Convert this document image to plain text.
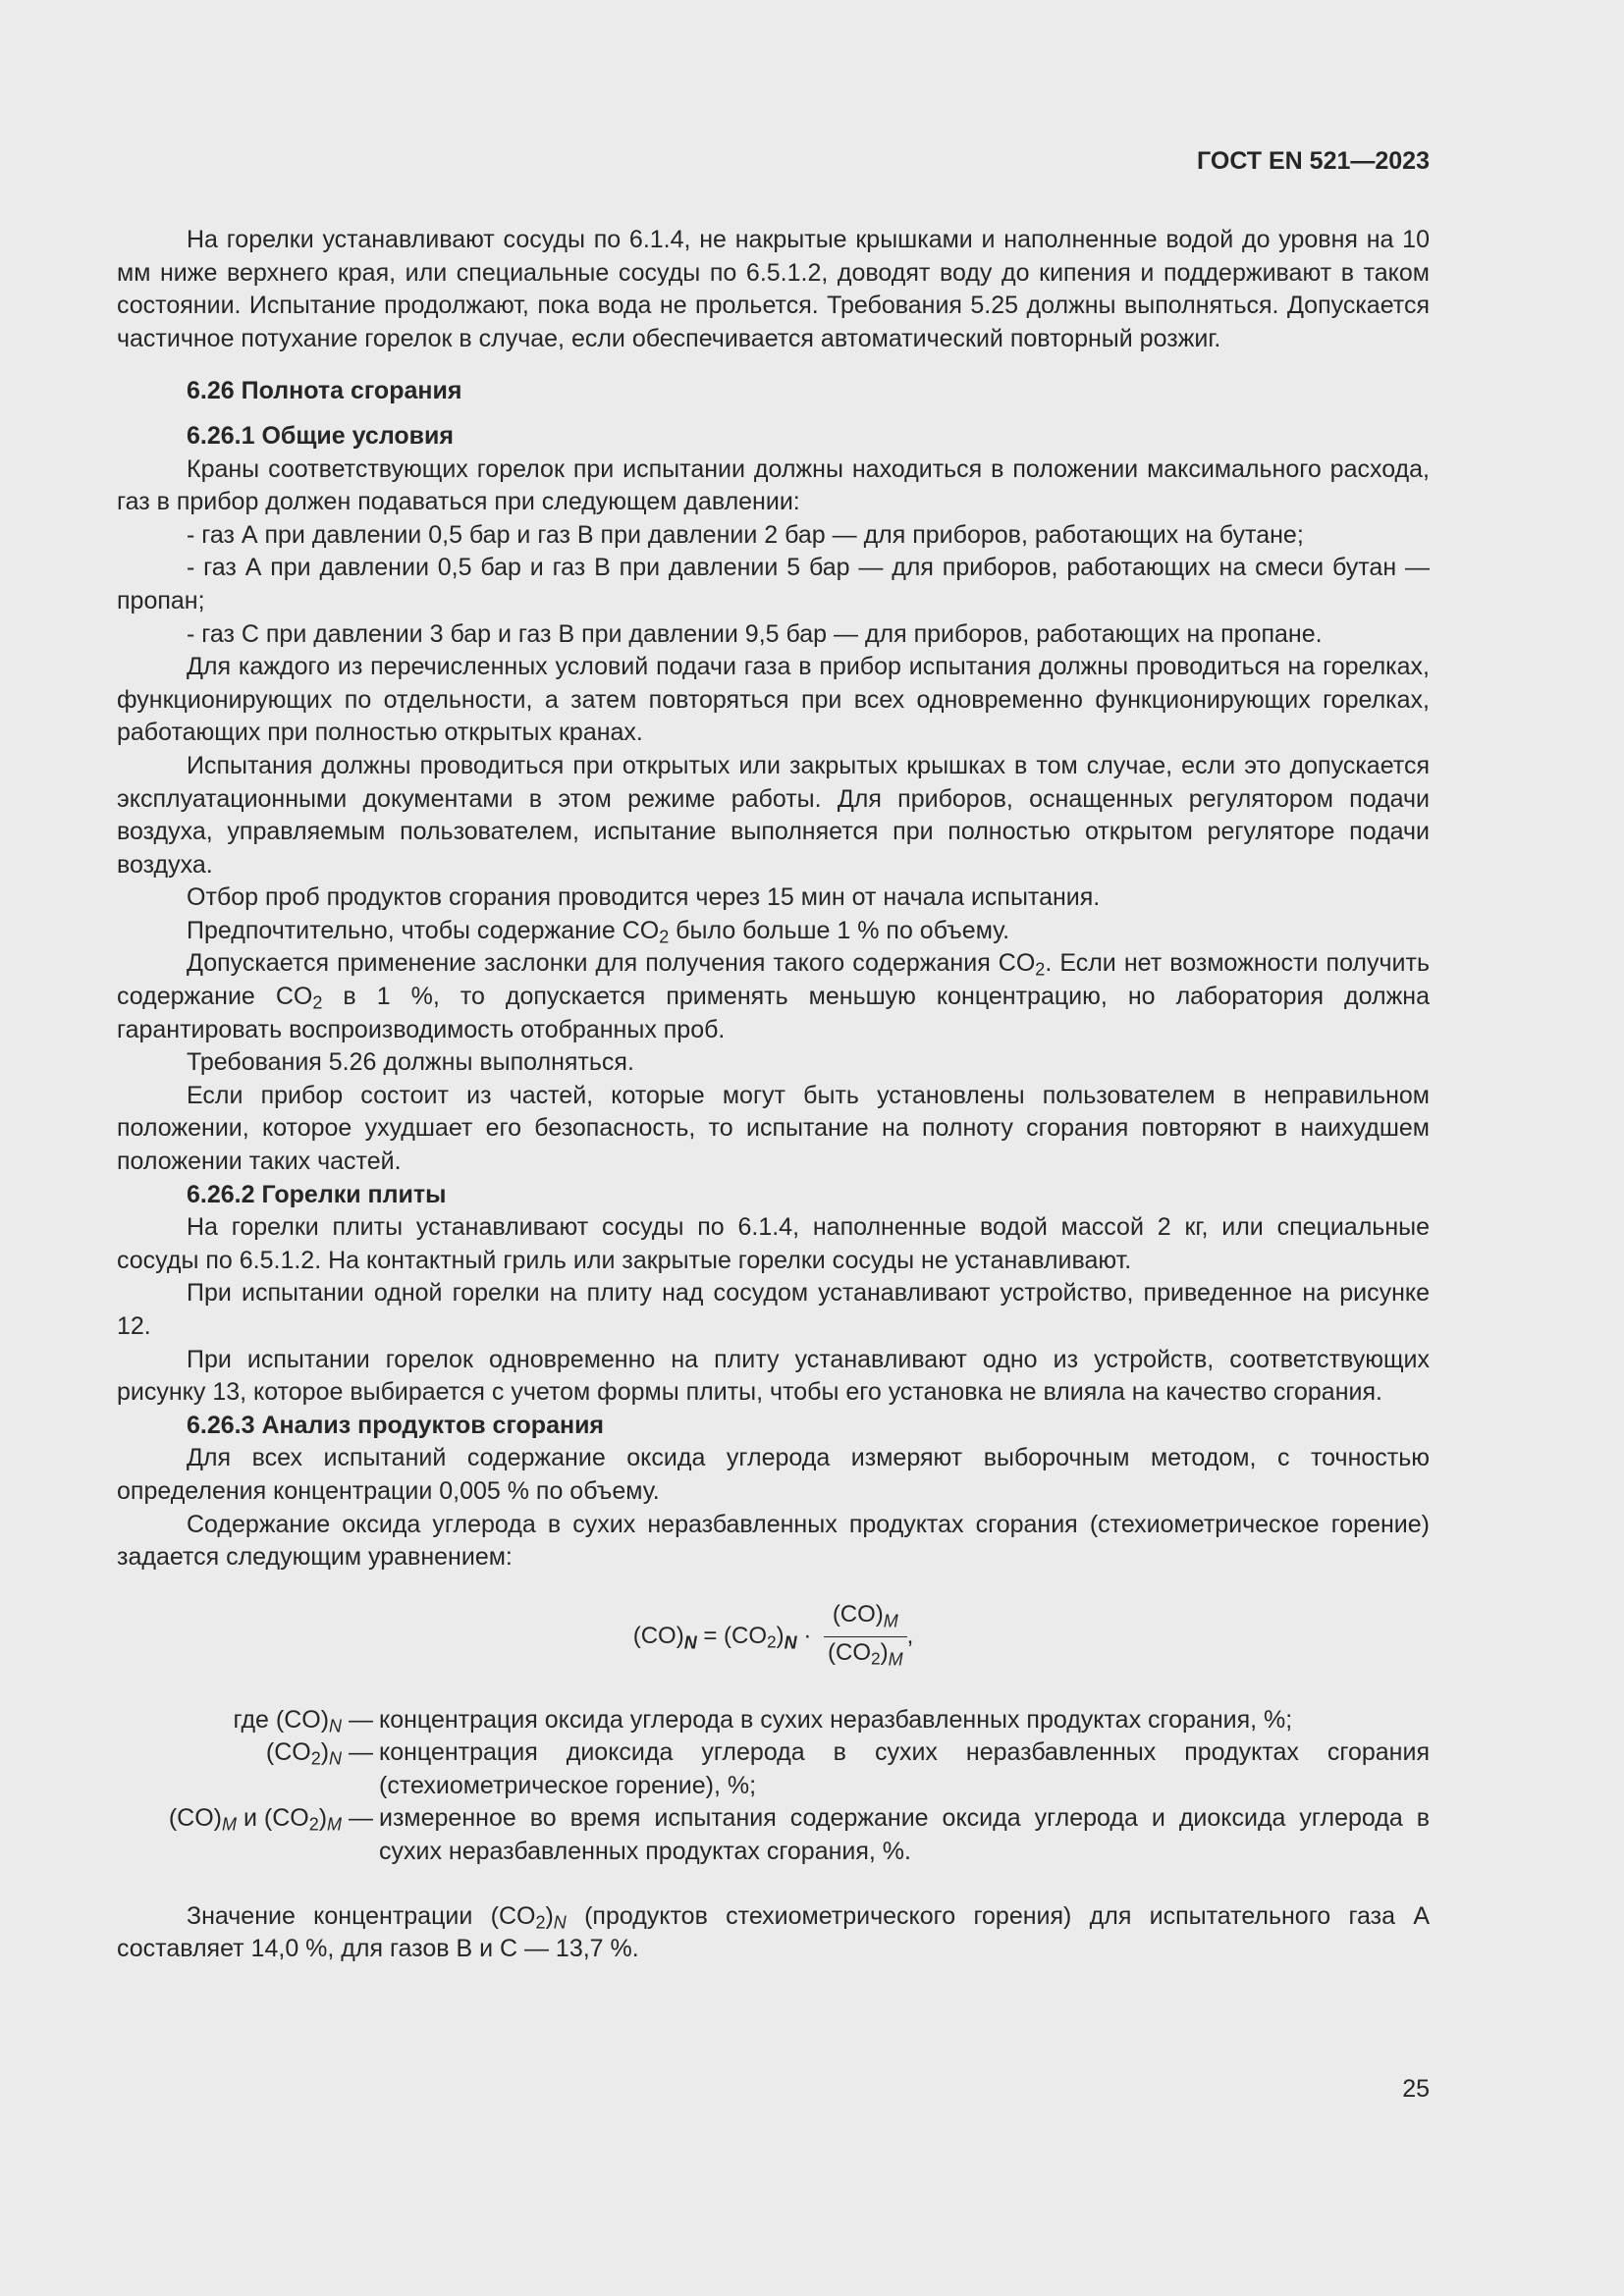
ГОСТ EN 521—2023

На горелки устанавливают сосуды по 6.1.4, не накрытые крышками и наполненные водой до уровня на 10 мм ниже верхнего края, или специальные сосуды по 6.5.1.2, доводят воду до кипения и поддерживают в таком состоянии. Испытание продолжают, пока вода не прольется. Требования 5.25 должны выполняться. Допускается частичное потухание горелок в случае, если обеспечивается автоматический повторный розжиг.

6.26 Полнота сгорания

6.26.1 Общие условия

Краны соответствующих горелок при испытании должны находиться в положении максимального расхода, газ в прибор должен подаваться при следующем давлении:

- газ А при давлении 0,5 бар и газ В при давлении 2 бар — для приборов, работающих на бутане;

- газ А при давлении 0,5 бар и газ В при давлении 5 бар — для приборов, работающих на смеси бутан — пропан;

- газ С при давлении 3 бар и газ В при давлении 9,5 бар — для приборов, работающих на пропане.

Для каждого из перечисленных условий подачи газа в прибор испытания должны проводиться на горелках, функционирующих по отдельности, а затем повторяться при всех одновременно функционирующих горелках, работающих при полностью открытых кранах.

Испытания должны проводиться при открытых или закрытых крышках в том случае, если это допускается эксплуатационными документами в этом режиме работы. Для приборов, оснащенных регулятором подачи воздуха, управляемым пользователем, испытание выполняется при полностью открытом регуляторе подачи воздуха.

Отбор проб продуктов сгорания проводится через 15 мин от начала испытания.

Предпочтительно, чтобы содержание $CO_2$ было больше 1 % по объему.

Допускается применение заслонки для получения такого содержания $CO_2$. Если нет возможности получить содержание $CO_2$ в 1 %, то допускается применять меньшую концентрацию, но лаборатория должна гарантировать воспроизводимость отобранных проб.

Требования 5.26 должны выполняться.

Если прибор состоит из частей, которые могут быть установлены пользователем в неправильном положении, которое ухудшает его безопасность, то испытание на полноту сгорания повторяют в наихудшем положении таких частей.

6.26.2 Горелки плиты

На горелки плиты устанавливают сосуды по 6.1.4, наполненные водой массой 2 кг, или специальные сосуды по 6.5.1.2. На контактный гриль или закрытые горелки сосуды не устанавливают.

При испытании одной горелки на плиту над сосудом устанавливают устройство, приведенное на рисунке 12.

При испытании горелок одновременно на плиту устанавливают одно из устройств, соответствующих рисунку 13, которое выбирается с учетом формы плиты, чтобы его установка не влияла на качество сгорания.

6.26.3 Анализ продуктов сгорания

Для всех испытаний содержание оксида углерода измеряют выборочным методом, с точностью определения концентрации 0,005 % по объему.

Содержание оксида углерода в сухих неразбавленных продуктах сгорания (стехиометрическое горение) задается следующим уравнением:

$(CO)_N = (CO_2)_N \cdot \frac{(CO)_M}{(CO_2)_M}$ ,
где $(CO)_N$ — концентрация оксида углерода в сухих неразбавленных продуктах сгорания, %;
$(CO_2)_N$ — концентрация диоксида углерода в сухих неразбавленных продуктах сгорания (стехиометрическое горение), %;
$(CO)_M$ и $(CO_2)_M$ — измеренное во время испытания содержание оксида углерода и диоксида углерода в сухих неразбавленных продуктах сгорания, %.

Значение концентрации $(CO_2)_N$ (продуктов стехиометрического горения) для испытательного газа А составляет 14,0 %, для газов В и С — 13,7 %.

25
